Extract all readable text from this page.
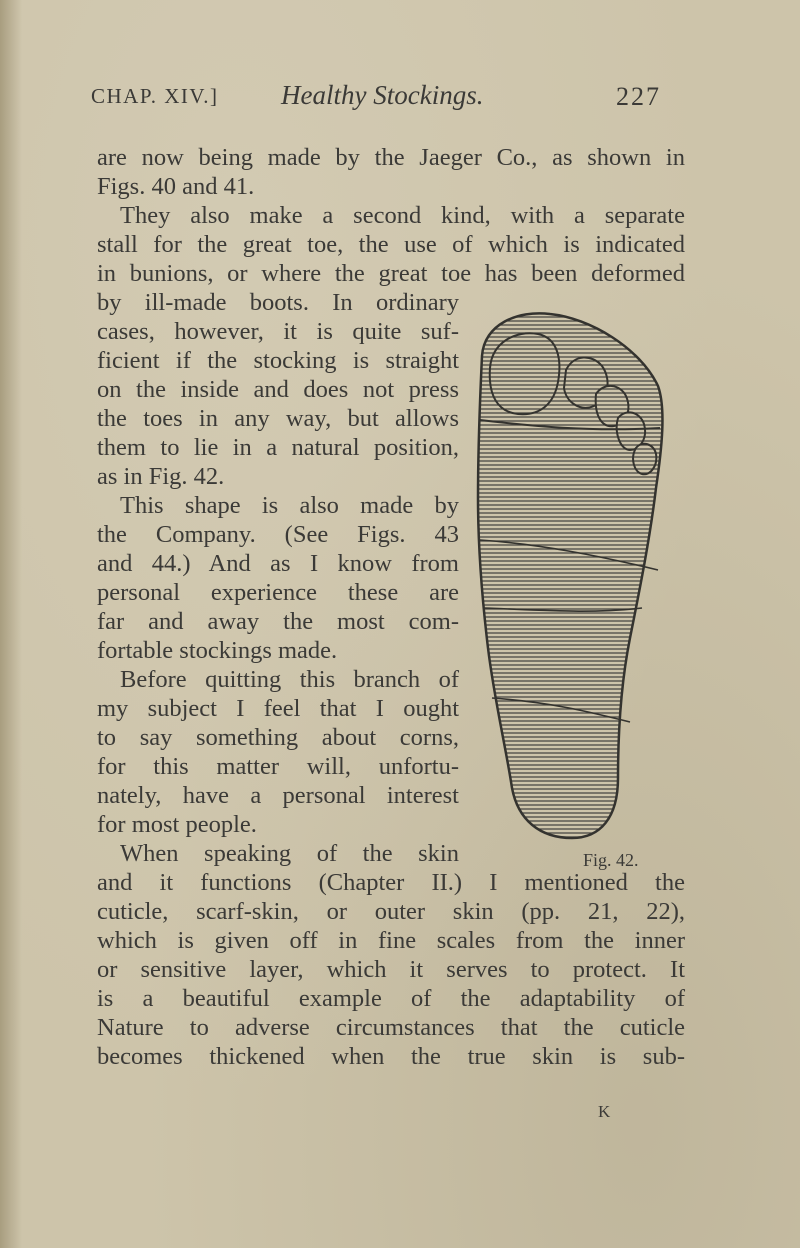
CHAP. XIV.] Healthy Stockings.	227

are now being made by the Jaeger Co., as shown in

Figs. 40 and 41.

They also make a second kind, with a separate

stall for the great toe, the use of which is indicated

in bunions, or where the great toe has been deformed

by ill-made boots. In ordinary

cases, however, it is quite suf-

ficient if the stocking is straight

on the inside and does not press

the toes in any way, but allows

them to lie in a natural position,

as in Fig. 42.

This shape is also made by

the Company. (See Figs. 43

and 44.) And as I know from

personal experience these are

far and away the most com-

fortable stockings made.

Before quitting this branch of

my subject I feel that I ought

to say something about corns,

for this matter will, unfortu-

nately, have a personal interest

for most people.

When speaking of the skin

and it functions (Chapter II.) I mentioned the

cuticle, scarf-skin, or outer skin (pp. 21, 22),

which is given off in fine scales from the inner

or sensitive layer, which it serves to protect. It

is a beautiful example of the adaptability of

Nature to adverse circumstances that the cuticle

becomes thickened when the true skin is sub-

Fig. 42.
K
